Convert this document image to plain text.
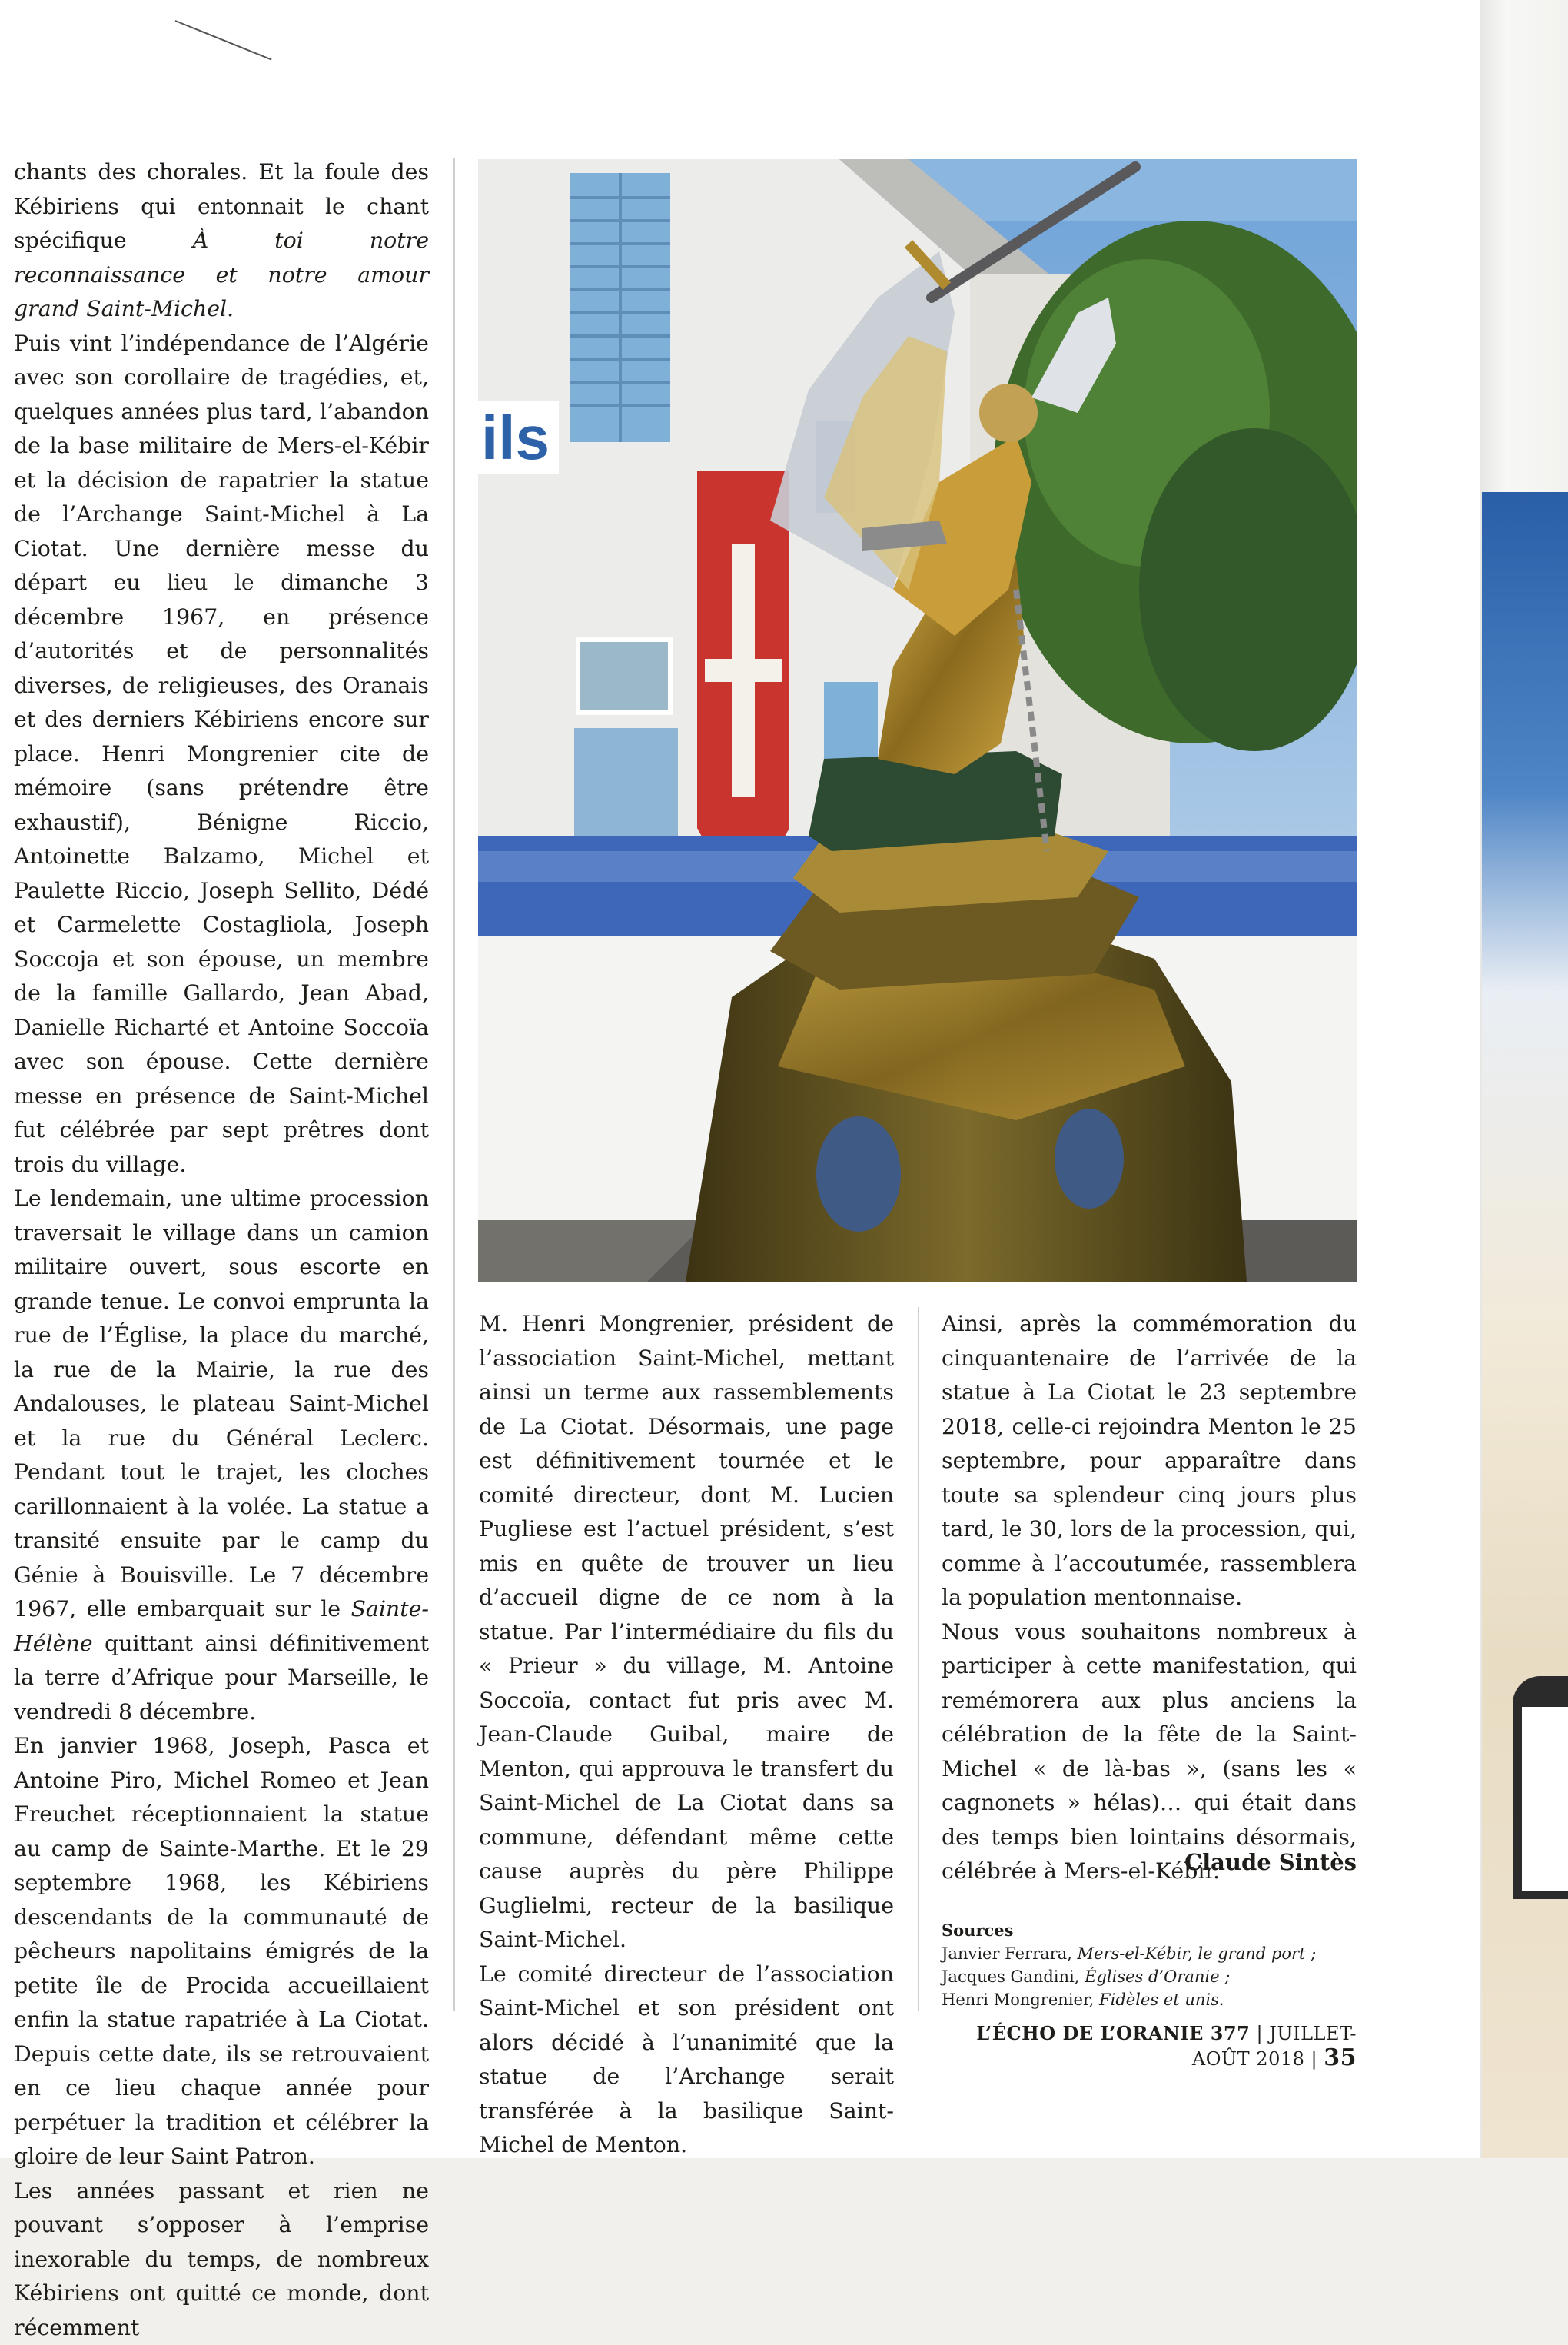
chants des chorales. Et la foule des Kébiriens qui entonnait le chant spécifique À toi notre reconnaissance et notre amour grand Saint-Michel.

Puis vint l’indépendance de l’Algérie avec son corollaire de tragédies, et, quelques années plus tard, l’abandon de la base militaire de Mers-el-Kébir et la décision de rapatrier la statue de l’Archange Saint-Michel à La Ciotat. Une dernière messe du départ eu lieu le dimanche 3 décembre 1967, en présence d’autorités et de personnalités diverses, de religieuses, des Oranais et des derniers Kébiriens encore sur place. Henri Mongrenier cite de mémoire (sans prétendre être exhaustif), Bénigne Riccio, Antoinette Balzamo, Michel et Paulette Riccio, Joseph Sellito, Dédé et Carmelette Costagliola, Joseph Soccoja et son épouse, un membre de la famille Gallardo, Jean Abad, Danielle Richarté et Antoine Soccoïa avec son épouse. Cette dernière messe en présence de Saint-Michel fut célébrée par sept prêtres dont trois du village.

Le lendemain, une ultime procession traversait le village dans un camion militaire ouvert, sous escorte en grande tenue. Le convoi emprunta la rue de l’Église, la place du marché, la rue de la Mairie, la rue des Andalouses, le plateau Saint-Michel et la rue du Général Leclerc. Pendant tout le trajet, les cloches carillonnaient à la volée. La statue a transité ensuite par le camp du Génie à Bouisville. Le 7 décembre 1967, elle embarquait sur le Sainte-Hélène quittant ainsi définitivement la terre d’Afrique pour Marseille, le vendredi 8 décembre.

En janvier 1968, Joseph, Pasca et Antoine Piro, Michel Romeo et Jean Freuchet réceptionnaient la statue au camp de Sainte-Marthe. Et le 29 septembre 1968, les Kébiriens descendants de la communauté de pêcheurs napolitains émigrés de la petite île de Procida accueillaient enfin la statue rapatriée à La Ciotat. Depuis cette date, ils se retrouvaient en ce lieu chaque année pour perpétuer la tradition et célébrer la gloire de leur Saint Patron.

Les années passant et rien ne pouvant s’opposer à l’emprise inexorable du temps, de nombreux Kébiriens ont quitté ce monde, dont récemment

ils

M. Henri Mongrenier, président de l’association Saint-Michel, mettant ainsi un terme aux rassemblements de La Ciotat. Désormais, une page est définitivement tournée et le comité directeur, dont M. Lucien Pugliese est l’actuel président, s’est mis en quête de trouver un lieu d’accueil digne de ce nom à la statue. Par l’intermédiaire du fils du « Prieur » du village, M. Antoine Soccoïa, contact fut pris avec M. Jean-Claude Guibal, maire de Menton, qui approuva le transfert du Saint-Michel de La Ciotat dans sa commune, défendant même cette cause auprès du père Philippe Guglielmi, recteur de la basilique Saint-Michel.

Le comité directeur de l’association Saint-Michel et son président ont alors décidé à l’unanimité que la statue de l’Archange serait transférée à la basilique Saint-Michel de Menton.

Ainsi, après la commémoration du cinquantenaire de l’arrivée de la statue à La Ciotat le 23 septembre 2018, celle-ci rejoindra Menton le 25 septembre, pour apparaître dans toute sa splendeur cinq jours plus tard, le 30, lors de la procession, qui, comme à l’accoutumée, rassemblera la population mentonnaise.

Nous vous souhaitons nombreux à participer à cette manifestation, qui remémorera aux plus anciens la célébration de la fête de la Saint-Michel « de là-bas », (sans les « cagnonets » hélas)… qui était dans des temps bien lointains désormais, célébrée à Mers-el-Kébir.

Claude Sintès
Sources
Janvier Ferrara, Mers-el-Kébir, le grand port ;
Jacques Gandini, Églises d’Oranie ;
Henri Mongrenier, Fidèles et unis.
L’ÉCHO DE L’ORANIE 377 | JUILLET-AOÛT 2018 | 35
